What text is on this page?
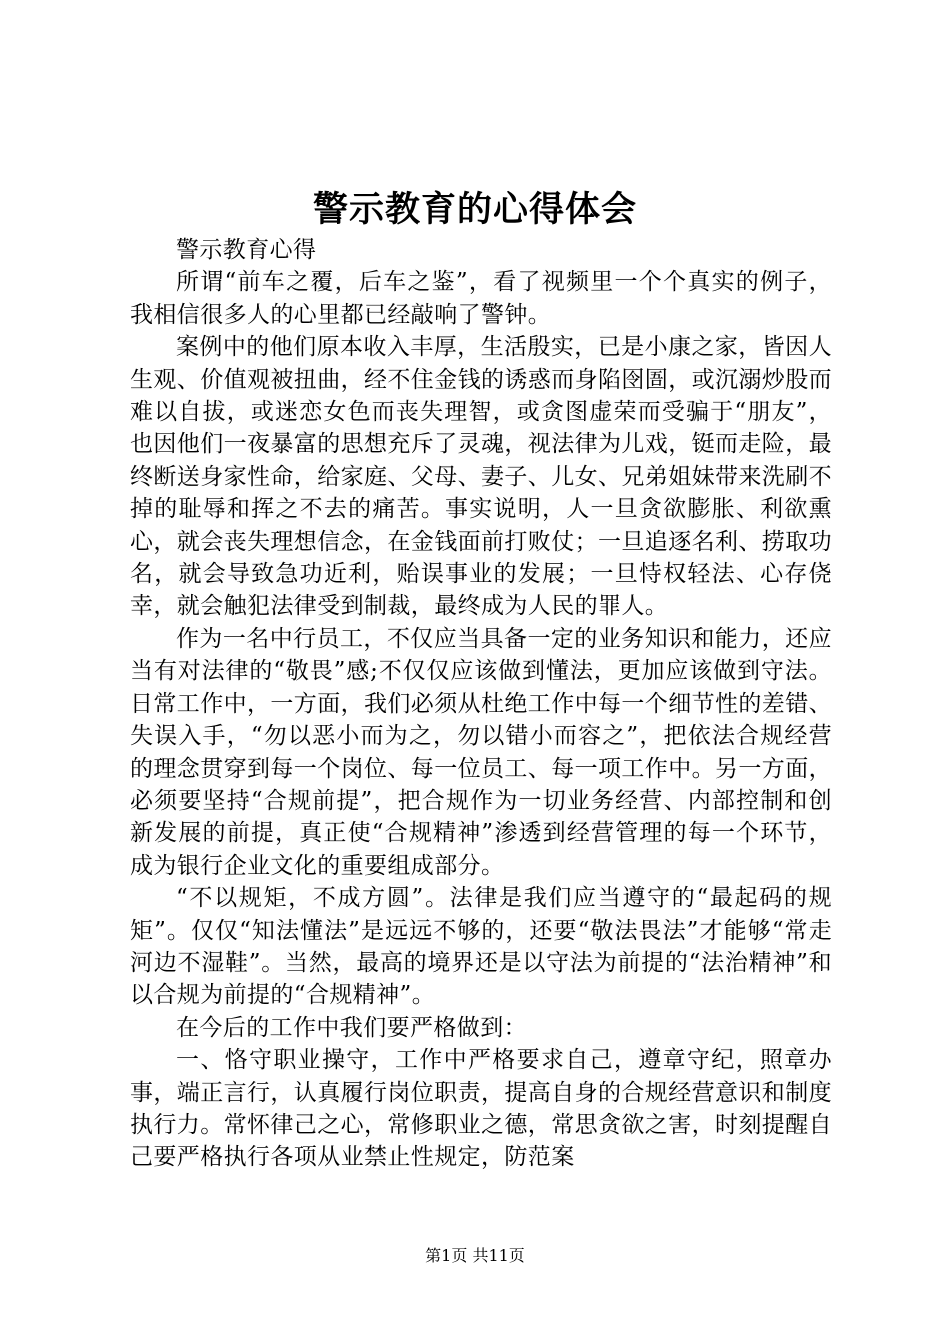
警示教育的心得体会

警示教育心得

所谓“前车之覆，后车之鉴”，看了视频里一个个真实的例子，我相信很多人的心里都已经敲响了警钟。

案例中的他们原本收入丰厚，生活殷实，已是小康之家，皆因人生观、价值观被扭曲，经不住金钱的诱惑而身陷囹圄，或沉溺炒股而难以自拔，或迷恋女色而丧失理智，或贪图虚荣而受骗于“朋友”，也因他们一夜暴富的思想充斥了灵魂，视法律为儿戏，铤而走险，最终断送身家性命，给家庭、父母、妻子、儿女、兄弟姐妹带来洗刷不掉的耻辱和挥之不去的痛苦。事实说明，人一旦贪欲膨胀、利欲熏心，就会丧失理想信念，在金钱面前打败仗；一旦追逐名利、捞取功名，就会导致急功近利，贻误事业的发展；一旦恃权轻法、心存侥幸，就会触犯法律受到制裁，最终成为人民的罪人。

作为一名中行员工，不仅应当具备一定的业务知识和能力，还应当有对法律的“敬畏”感;不仅仅应该做到懂法，更加应该做到守法。日常工作中，一方面，我们必须从杜绝工作中每一个细节性的差错、失误入手，“勿以恶小而为之，勿以错小而容之”，把依法合规经营的理念贯穿到每一个岗位、每一位员工、每一项工作中。另一方面，必须要坚持“合规前提”，把合规作为一切业务经营、内部控制和创新发展的前提，真正使“合规精神”渗透到经营管理的每一个环节，成为银行企业文化的重要组成部分。

“不以规矩，不成方圆”。法律是我们应当遵守的“最起码的规矩”。仅仅“知法懂法”是远远不够的，还要“敬法畏法”才能够“常走河边不湿鞋”。当然，最高的境界还是以守法为前提的“法治精神”和以合规为前提的“合规精神”。

在今后的工作中我们要严格做到：

一、恪守职业操守，工作中严格要求自己，遵章守纪，照章办事，端正言行，认真履行岗位职责，提高自身的合规经营意识和制度执行力。常怀律己之心，常修职业之德，常思贪欲之害，时刻提醒自己要严格执行各项从业禁止性规定，防范案

第1页 共11页
